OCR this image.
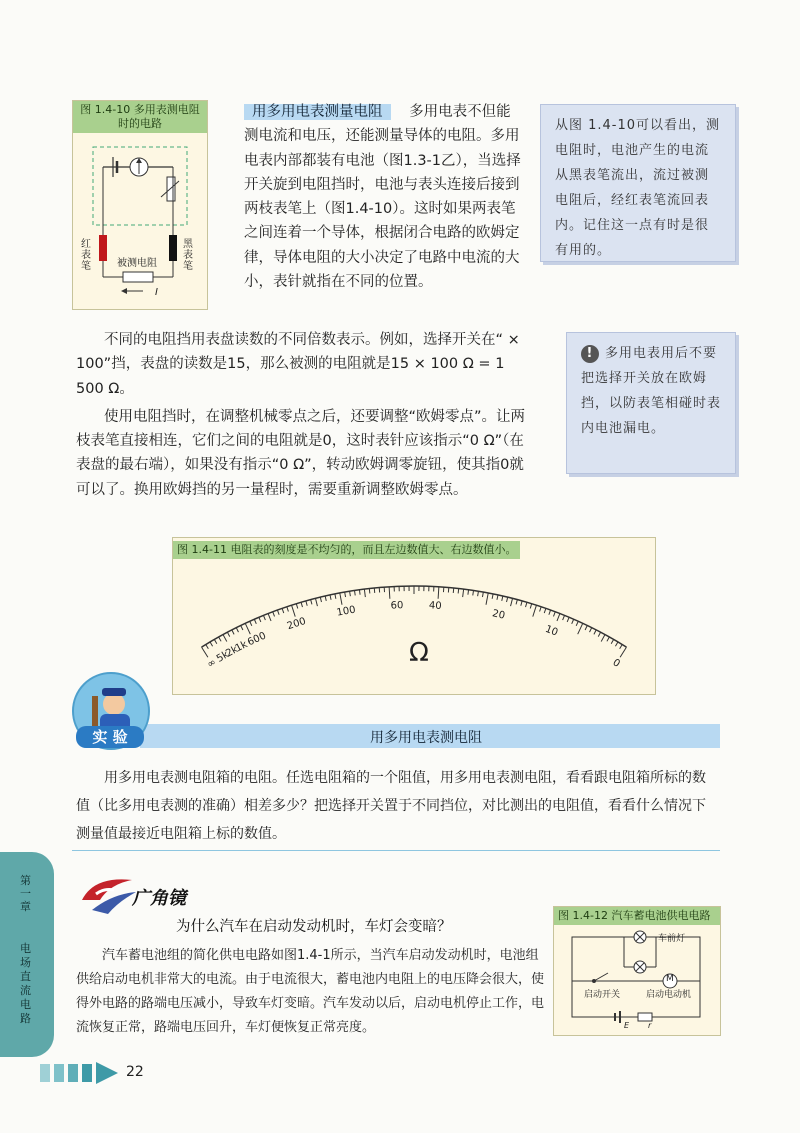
图 1.4-10 多用表测电阻时的电路
红表笔
黑表笔
被测电阻
I

用多用电表测量电阻 多用电表不但能测电流和电压，还能测量导体的电阻。多用电表内部都装有电池（图1.3-1乙），当选择开关旋到电阻挡时，电池与表头连接后接到两枝表笔上（图1.4-10）。这时如果两表笔之间连着一个导体，根据闭合电路的欧姆定律，导体电阻的大小决定了电路中电流的大小，表针就指在不同的位置。

从图 1.4-10可以看出，测电阻时，电池产生的电流从黑表笔流出，流过被测电阻后，经红表笔流回表内。记住这一点有时是很有用的。
! 多用电表用后不要把选择开关放在欧姆挡，以防表笔相碰时表内电池漏电。

不同的电阻挡用表盘读数的不同倍数表示。例如，选择开关在“ × 100”挡，表盘的读数是15，那么被测的电阻就是15 × 100 Ω = 1 500 Ω。

使用电阻挡时，在调整机械零点之后，还要调整“欧姆零点”。让两枝表笔直接相连，它们之间的电阻就是0，这时表针应该指示“0 Ω”（在表盘的最右端），如果没有指示“0 Ω”，转动欧姆调零旋钮，使其指0就可以了。换用欧姆挡的另一量程时，需要重新调整欧姆零点。

图 1.4-11 电阻表的刻度是不均匀的，而且左边数值大、右边数值小。
∞
5k
2k
1k
600
200
100	60	40
20
10
0
Ω
用多用电表测电阻
实 验

用多用电表测电阻箱的电阻。任选电阻箱的一个阻值，用多用电表测电阻，看看跟电阻箱所标的数值（比多用电表测的准确）相差多少？把选择开关置于不同挡位，对比测出的电阻值，看看什么情况下测量值最接近电阻箱上标的数值。

第一章
电场　直流电路
广角镜
为什么汽车在启动发动机时，车灯会变暗？

汽车蓄电池组的简化供电电路如图1.4-1所示，当汽车启动发动机时，电池组供给启动电机非常大的电流。由于电流很大，蓄电池内电阻上的电压降会很大，使得外电路的路端电压减小，导致车灯变暗。汽车发动以后，启动电机停止工作，电流恢复正常，路端电压回升，车灯便恢复正常亮度。

图 1.4-12 汽车蓄电池供电电路
车前灯
M
启动开关	启动电动机
E r
22
